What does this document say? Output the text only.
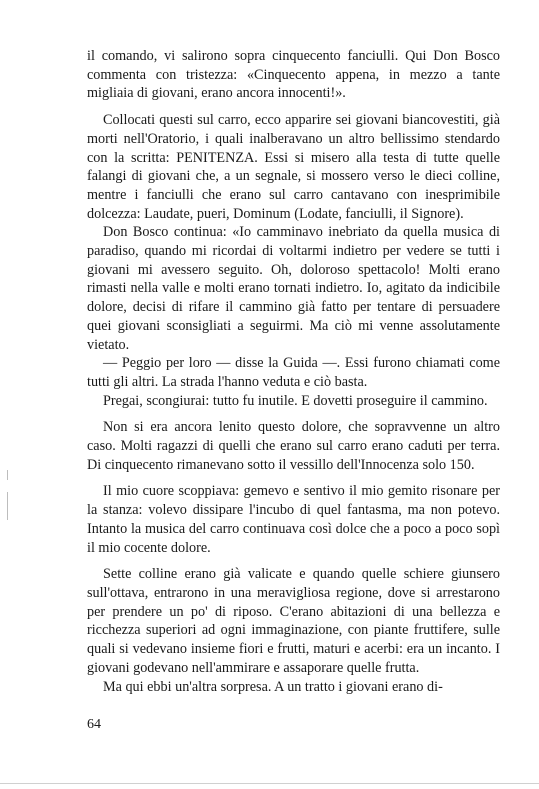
il comando, vi salirono sopra cinquecento fanciulli. Qui Don Bosco commenta con tristezza: «Cinquecento appena, in mezzo a tante migliaia di giovani, erano ancora innocenti!».

Collocati questi sul carro, ecco apparire sei giovani biancovestiti, già morti nell'Oratorio, i quali inalberavano un altro bellissimo stendardo con la scritta: PENITENZA. Essi si misero alla testa di tutte quelle falangi di giovani che, a un segnale, si mossero verso le dieci colline, mentre i fanciulli che erano sul carro cantavano con inesprimibile dolcezza: Laudate, pueri, Dominum (Lodate, fanciulli, il Signore).

Don Bosco continua: «Io camminavo inebriato da quella musica di paradiso, quando mi ricordai di voltarmi indietro per vedere se tutti i giovani mi avessero seguito. Oh, doloroso spettacolo! Molti erano rimasti nella valle e molti erano tornati indietro. Io, agitato da indicibile dolore, decisi di rifare il cammino già fatto per tentare di persuadere quei giovani sconsigliati a seguirmi. Ma ciò mi venne assolutamente vietato.

— Peggio per loro — disse la Guida —. Essi furono chiamati come tutti gli altri. La strada l'hanno veduta e ciò basta.

Pregai, scongiurai: tutto fu inutile. E dovetti proseguire il cammino.

Non si era ancora lenito questo dolore, che sopravvenne un altro caso. Molti ragazzi di quelli che erano sul carro erano caduti per terra. Di cinquecento rimanevano sotto il vessillo dell'Innocenza solo 150.

Il mio cuore scoppiava: gemevo e sentivo il mio gemito risonare per la stanza: volevo dissipare l'incubo di quel fantasma, ma non potevo. Intanto la musica del carro continuava così dolce che a poco a poco sopì il mio cocente dolore.

Sette colline erano già valicate e quando quelle schiere giunsero sull'ottava, entrarono in una meravigliosa regione, dove si arrestarono per prendere un po' di riposo. C'erano abitazioni di una bellezza e ricchezza superiori ad ogni immaginazione, con piante fruttifere, sulle quali si vedevano insieme fiori e frutti, maturi e acerbi: era un incanto. I giovani godevano nell'ammirare e assaporare quelle frutta.

Ma qui ebbi un'altra sorpresa. A un tratto i giovani erano di-

64
